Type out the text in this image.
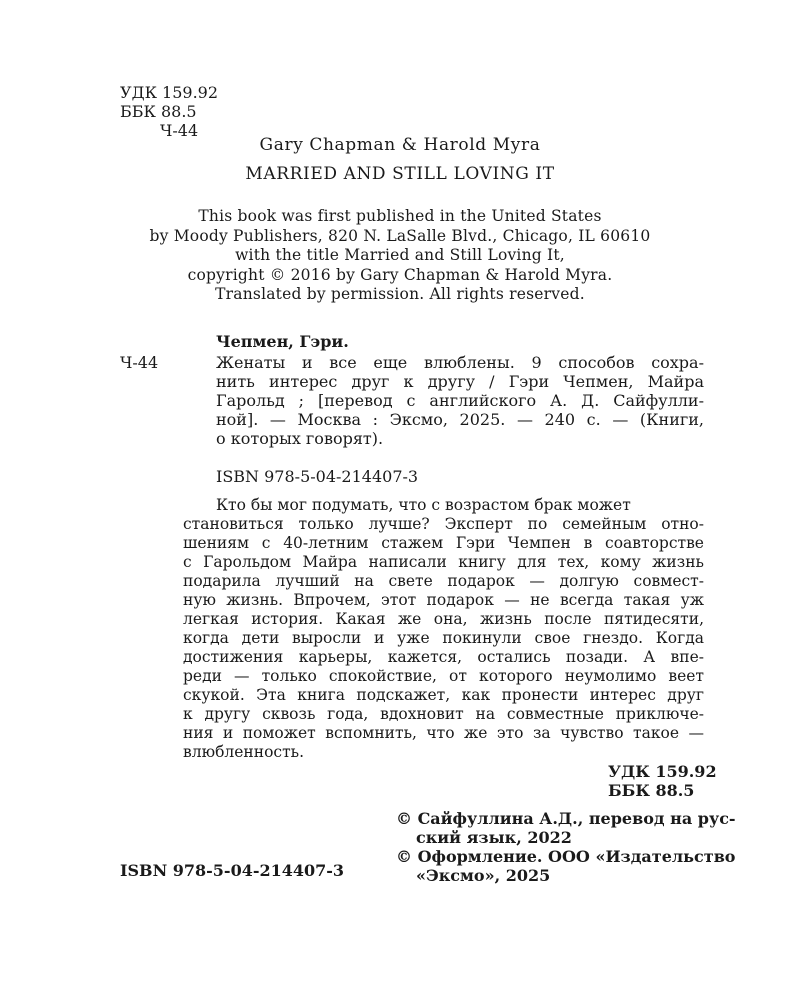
УДК 159.92
ББК 88.5
Ч-44
Gary Chapman & Harold Myra
MARRIED AND STILL LOVING IT
This book was first published in the United States
by Moody Publishers, 820 N. LaSalle Blvd., Chicago, IL 60610
with the title Married and Still Loving It,
copyright © 2016 by Gary Chapman & Harold Myra.
Translated by permission. All rights reserved.
Чепмен, Гэри.
Ч-44	Женаты и все еще влюблены. 9 способов сохра-
нить интерес друг к другу / Гэри Чепмен, Майра
Гарольд ; [перевод с английского А. Д. Сайфулли-
ной]. — Москва : Эксмо, 2025. — 240 с. — (Книги,
о которых говорят).
ISBN 978-5-04-214407-3
Кто бы мог подумать, что с возрастом брак может
становиться только лучше? Эксперт по семейным отно-
шениям с 40-летним стажем Гэри Чемпен в соавторстве
с Гарольдом Майра написали книгу для тех, кому жизнь
подарила лучший на свете подарок — долгую совмест-
ную жизнь. Впрочем, этот подарок — не всегда такая уж
легкая история. Какая же она, жизнь после пятидесяти,
когда дети выросли и уже покинули свое гнездо. Когда
достижения карьеры, кажется, остались позади. А впе-
реди — только спокойствие, от которого неумолимо веет
скукой. Эта книга подскажет, как пронести интерес друг
к другу сквозь года, вдохновит на совместные приключе-
ния и поможет вспомнить, что же это за чувство такое —
влюбленность.
УДК 159.92
ББК 88.5
ISBN 978-5-04-214407-3
© Сайфуллина А.Д., перевод на рус-
ский язык, 2022
© Оформление. ООО «Издательство
«Эксмо», 2025
